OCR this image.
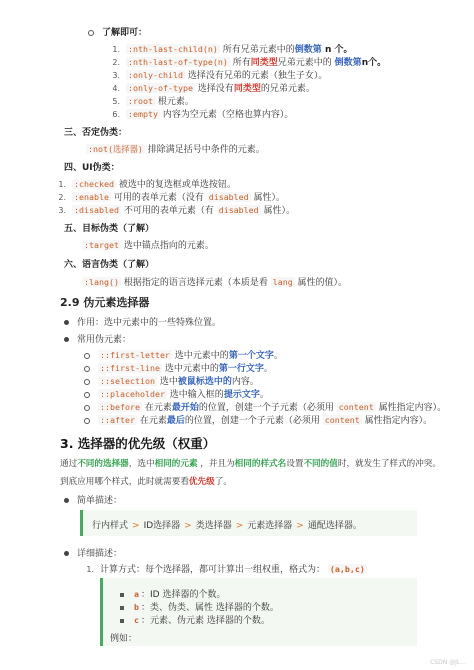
了解即可：
1. :nth-last-child(n) 所有兄弟元素中的倒数第 n 个。
2. :nth-last-of-type(n) 所有同类型兄弟元素中的 倒数第n个。
3. :only-child 选择没有兄弟的元素（独生子女）。
4. :only-of-type 选择没有同类型的兄弟元素。
5. :root 根元素。
6. :empty 内容为空元素（空格也算内容）。
三、否定伪类：
:not(选择器) 排除满足括号中条件的元素。
四、UI伪类：
1. :checked 被选中的复选框或单选按钮。
2. :enable 可用的表单元素（没有 disabled 属性）。
3. :disabled 不可用的表单元素（有 disabled 属性）。
五、目标伪类（了解）
:target 选中锚点指向的元素。
六、语言伪类（了解）
:lang() 根据指定的语言选择元素（本质是看 lang 属性的值）。
2.9 伪元素选择器
作用：选中元素中的一些特殊位置。
常用伪元素：
::first-letter 选中元素中的第一个文字。
::first-line 选中元素中的第一行文字。
::selection 选中被鼠标选中的内容。
::placeholder 选中输入框的提示文字。
::before 在元素最开始的位置，创建一个子元素（必须用 content 属性指定内容）。
::after 在元素最后的位置，创建一个子元素（必须用 content 属性指定内容）。
3. 选择器的优先级（权重）
通过不同的选择器，选中相同的元素 ，并且为相同的样式名设置不同的值时，就发生了样式的冲突。
到底应用哪个样式，此时就需要看优先级了。
简单描述：
行内样式 > ID选择器 > 类选择器 > 元素选择器 > 通配选择器。
详细描述：
1. 计算方式：每个选择器，都可计算出一组权重，格式为： (a,b,c)
a ：ID 选择器的个数。
b ：类、伪类、属性 选择器的个数。
c ：元素、伪元素 选择器的个数。
例如：
CSDN @JL...
